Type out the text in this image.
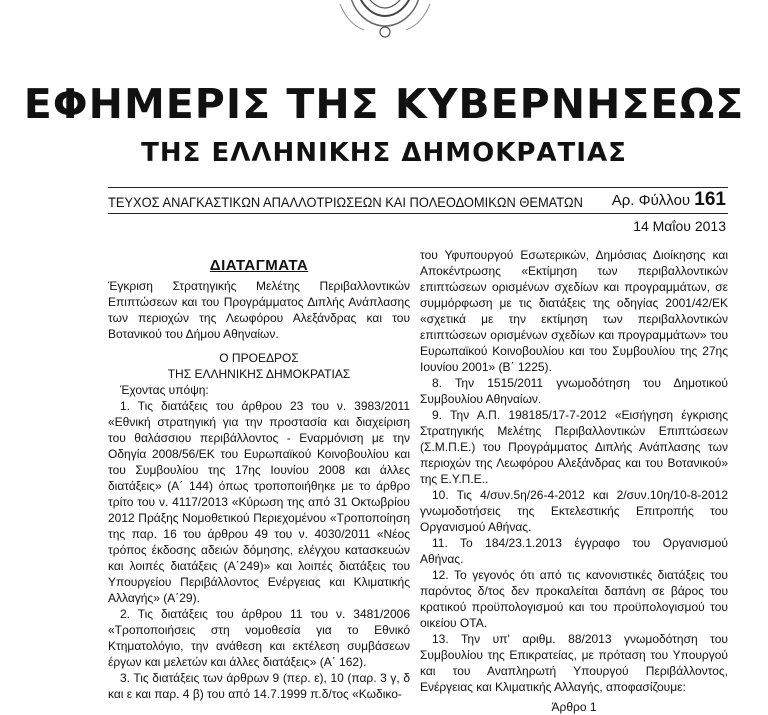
ΕΦΗΜΕΡΙΣ ΤΗΣ ΚΥΒΕΡΝΗΣΕΩΣ
ΤΗΣ ΕΛΛΗΝΙΚΗΣ ΔΗΜΟΚΡΑΤΙΑΣ
ΤΕΥΧΟΣ ΑΝΑΓΚΑΣΤΙΚΩΝ ΑΠΑΛΛΟΤΡΙΩΣΕΩΝ ΚΑΙ ΠΟΛΕΟΔΟΜΙΚΩΝ ΘΕΜΑΤΩΝ Αρ. Φύλλου 161
14 Μαΐου 2013

ΔΙΑΤΑΓΜΑΤΑ

Έγκριση Στρατηγικής Μελέτης Περιβαλλοντικών Επιπτώσεων και του Προγράμματος Διπλής Ανάπλασης των περιοχών της Λεωφόρου Αλεξάνδρας και του Βοτανικού του Δήμου Αθηναίων.

Ο ΠΡΟΕΔΡΟΣ

ΤΗΣ ΕΛΛΗΝΙΚΗΣ ΔΗΜΟΚΡΑΤΙΑΣ

Έχοντας υπόψη:

1. Τις διατάξεις του άρθρου 23 του ν. 3983/2011 «Εθνική στρατηγική για την προστασία και διαχείριση του θαλάσσιου περιβάλλοντος - Εναρμόνιση με την Οδηγία 2008/56/ΕΚ του Ευρωπαϊκού Κοινοβουλίου και του Συμβουλίου της 17ης Ιουνίου 2008 και άλλες διατάξεις» (Α΄ 144) όπως τροποποιήθηκε με το άρθρο τρίτο του ν. 4117/2013 «Κύρωση της από 31 Οκτωβρίου 2012 Πράξης Νομοθετικού Περιεχομένου «Τροποποίηση της παρ. 16 του άρθρου 49 του ν. 4030/2011 «Νέος τρόπος έκδοσης αδειών δόμησης, ελέγχου κατασκευών και λοιπές διατάξεις (Α΄249)» και λοιπές διατάξεις του Υπουργείου Περιβάλλοντος Ενέργειας και Κλιματικής Αλλαγής» (Α΄29).

2. Τις διατάξεις του άρθρου 11 του ν. 3481/2006 «Τροποποιήσεις στη νομοθεσία για το Εθνικό Κτηματολόγιο, την ανάθεση και εκτέλεση συμβάσεων έργων και μελετών και άλλες διατάξεις» (Α΄ 162).

3. Τις διατάξεις των άρθρων 9 (περ. ε), 10 (παρ. 3 γ, δ και ε και παρ. 4 β) του από 14.7.1999 π.δ/τος «Κωδικο-

του Υφυπουργού Εσωτερικών, Δημόσιας Διοίκησης και Αποκέντρωσης «Εκτίμηση των περιβαλλοντικών επιπτώσεων ορισμένων σχεδίων και προγραμμάτων, σε συμμόρφωση με τις διατάξεις της οδηγίας 2001/42/ΕΚ «σχετικά με την εκτίμηση των περιβαλλοντικών επιπτώσεων ορισμένων σχεδίων και προγραμμάτων» του Ευρωπαϊκού Κοινοβουλίου και του Συμβουλίου της 27ης Ιουνίου 2001» (Β΄ 1225).

8. Την 1515/2011 γνωμοδότηση του Δημοτικού Συμβουλίου Αθηναίων.

9. Την Α.Π. 198185/17-7-2012 «Εισήγηση έγκρισης Στρατηγικής Μελέτης Περιβαλλοντικών Επιπτώσεων (Σ.Μ.Π.Ε.) του Προγράμματος Διπλής Ανάπλασης των περιοχών της Λεωφόρου Αλεξάνδρας και του Βοτανικού» της Ε.Υ.Π.Ε..

10. Τις 4/συν.5η/26-4-2012 και 2/συν.10η/10-8-2012 γνωμοδοτήσεις της Εκτελεστικής Επιτροπής του Οργανισμού Αθήνας.

11. Το 184/23.1.2013 έγγραφο του Οργανισμού Αθήνας.

12. Το γεγονός ότι από τις κανονιστικές διατάξεις του παρόντος δ/τος δεν προκαλείται δαπάνη σε βάρος του κρατικού προϋπολογισμού και του προϋπολογισμού του οικείου ΟΤΑ.

13. Την υπ' αριθμ. 88/2013 γνωμοδότηση του Συμβουλίου της Επικρατείας, με πρόταση του Υπουργού και του Αναπληρωτή Υπουργού Περιβάλλοντος, Ενέργειας και Κλιματικής Αλλαγής, αποφασίζουμε:

Άρθρο 1
